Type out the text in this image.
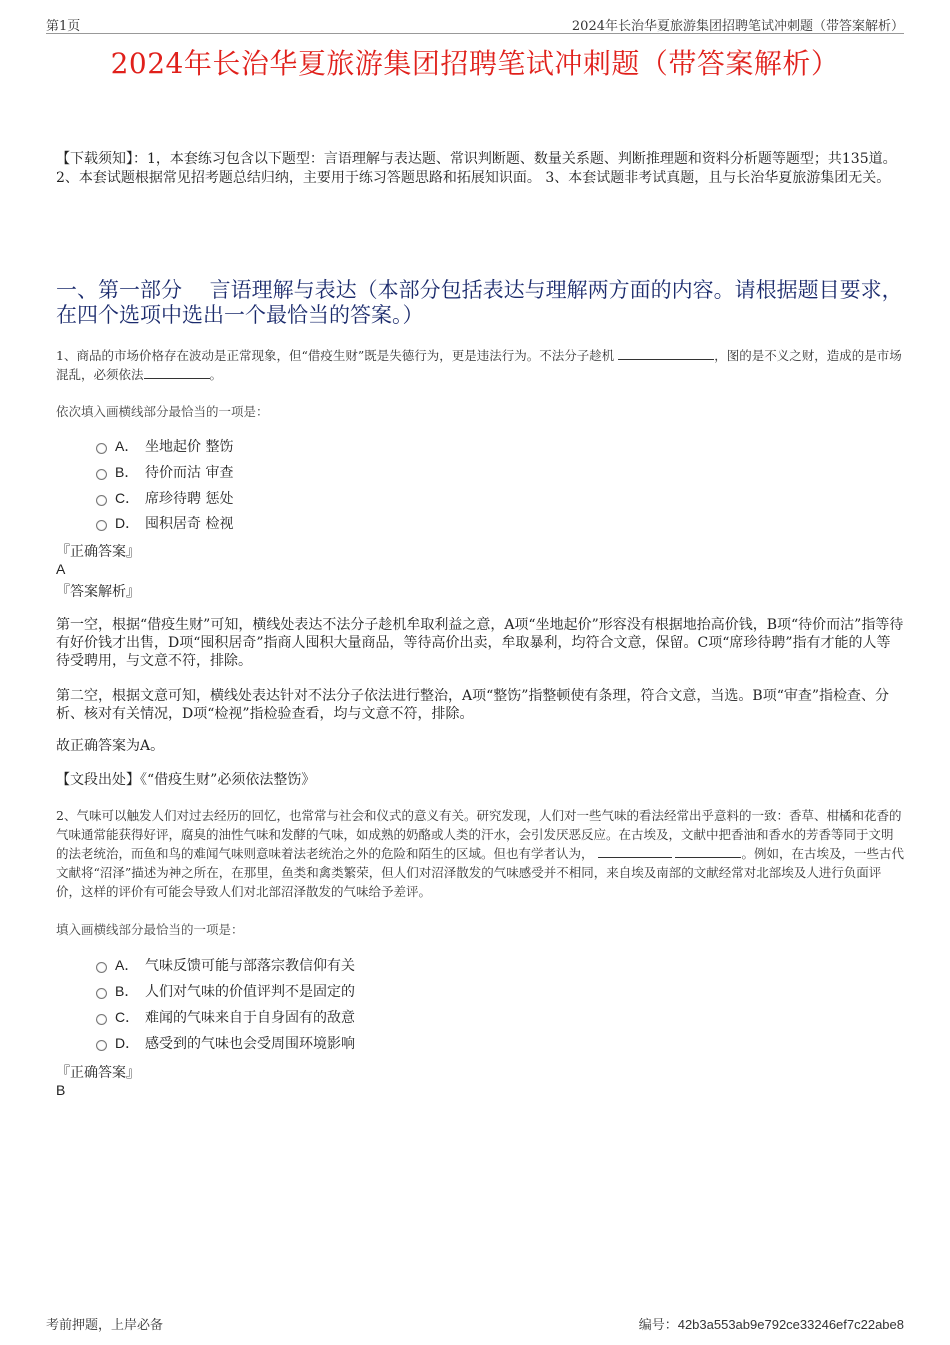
第1页	2024年长治华夏旅游集团招聘笔试冲刺题（带答案解析）
2024年长治华夏旅游集团招聘笔试冲刺题（带答案解析）
【下载须知】：1，本套练习包含以下题型：言语理解与表达题、常识判断题、数量关系题、判断推理题和资料分析题等题型；共135道。 2、本套试题根据常见招考题总结归纳，主要用于练习答题思路和拓展知识面。 3、本套试题非考试真题，且与长治华夏旅游集团无关。
一、第一部分　 言语理解与表达（本部分包括表达与理解两方面的内容。请根据题目要求，在四个选项中选出一个最恰当的答案。）
1、商品的市场价格存在波动是正常现象，但“借疫生财”既是失德行为，更是违法行为。不法分子趁机	，图的是不义之财，造成的是市场混乱，必须依法	。
依次填入画横线部分最恰当的一项是：
A． 坐地起价 整饬
B． 待价而沽 审查
C． 席珍待聘 惩处
D． 囤积居奇 检视
『正确答案』
A
『答案解析』
第一空，根据“借疫生财”可知，横线处表达不法分子趁机牟取利益之意，A项“坐地起价”形容没有根据地抬高价钱，B项“待价而沽”指等待有好价钱才出售，D项“囤积居奇”指商人囤积大量商品，等待高价出卖，牟取暴利，均符合文意，保留。C项“席珍待聘”指有才能的人等待受聘用，与文意不符，排除。
第二空，根据文意可知，横线处表达针对不法分子依法进行整治，A项“整饬”指整顿使有条理，符合文意，当选。B项“审查”指检查、分析、核对有关情况，D项“检视”指检验查看，均与文意不符，排除。
故正确答案为A。
【文段出处】《“借疫生财”必须依法整饬》
2、气味可以触发人们对过去经历的回忆，也常常与社会和仪式的意义有关。研究发现，人们对一些气味的看法经常出乎意料的一致：香草、柑橘和花香的气味通常能获得好评，腐臭的油性气味和发酵的气味，如成熟的奶酪或人类的汗水，会引发厌恶反应。在古埃及，文献中把香油和香水的芳香等同于文明的法老统治，而鱼和鸟的难闻气味则意味着法老统治之外的危险和陌生的区域。但也有学者认为，	。例如，在古埃及，一些古代文献将“沼泽”描述为神之所在，在那里，鱼类和禽类繁荣，但人们对沼泽散发的气味感受并不相同，来自埃及南部的文献经常对北部埃及人进行负面评价，这样的评价有可能会导致人们对北部沼泽散发的气味给予差评。
填入画横线部分最恰当的一项是：
A． 气味反馈可能与部落宗教信仰有关
B． 人们对气味的价值评判不是固定的
C． 难闻的气味来自于自身固有的敌意
D． 感受到的气味也会受周围环境影响
『正确答案』
B
考前押题，上岸必备	编号：42b3a553ab9e792ce33246ef7c22abe8
